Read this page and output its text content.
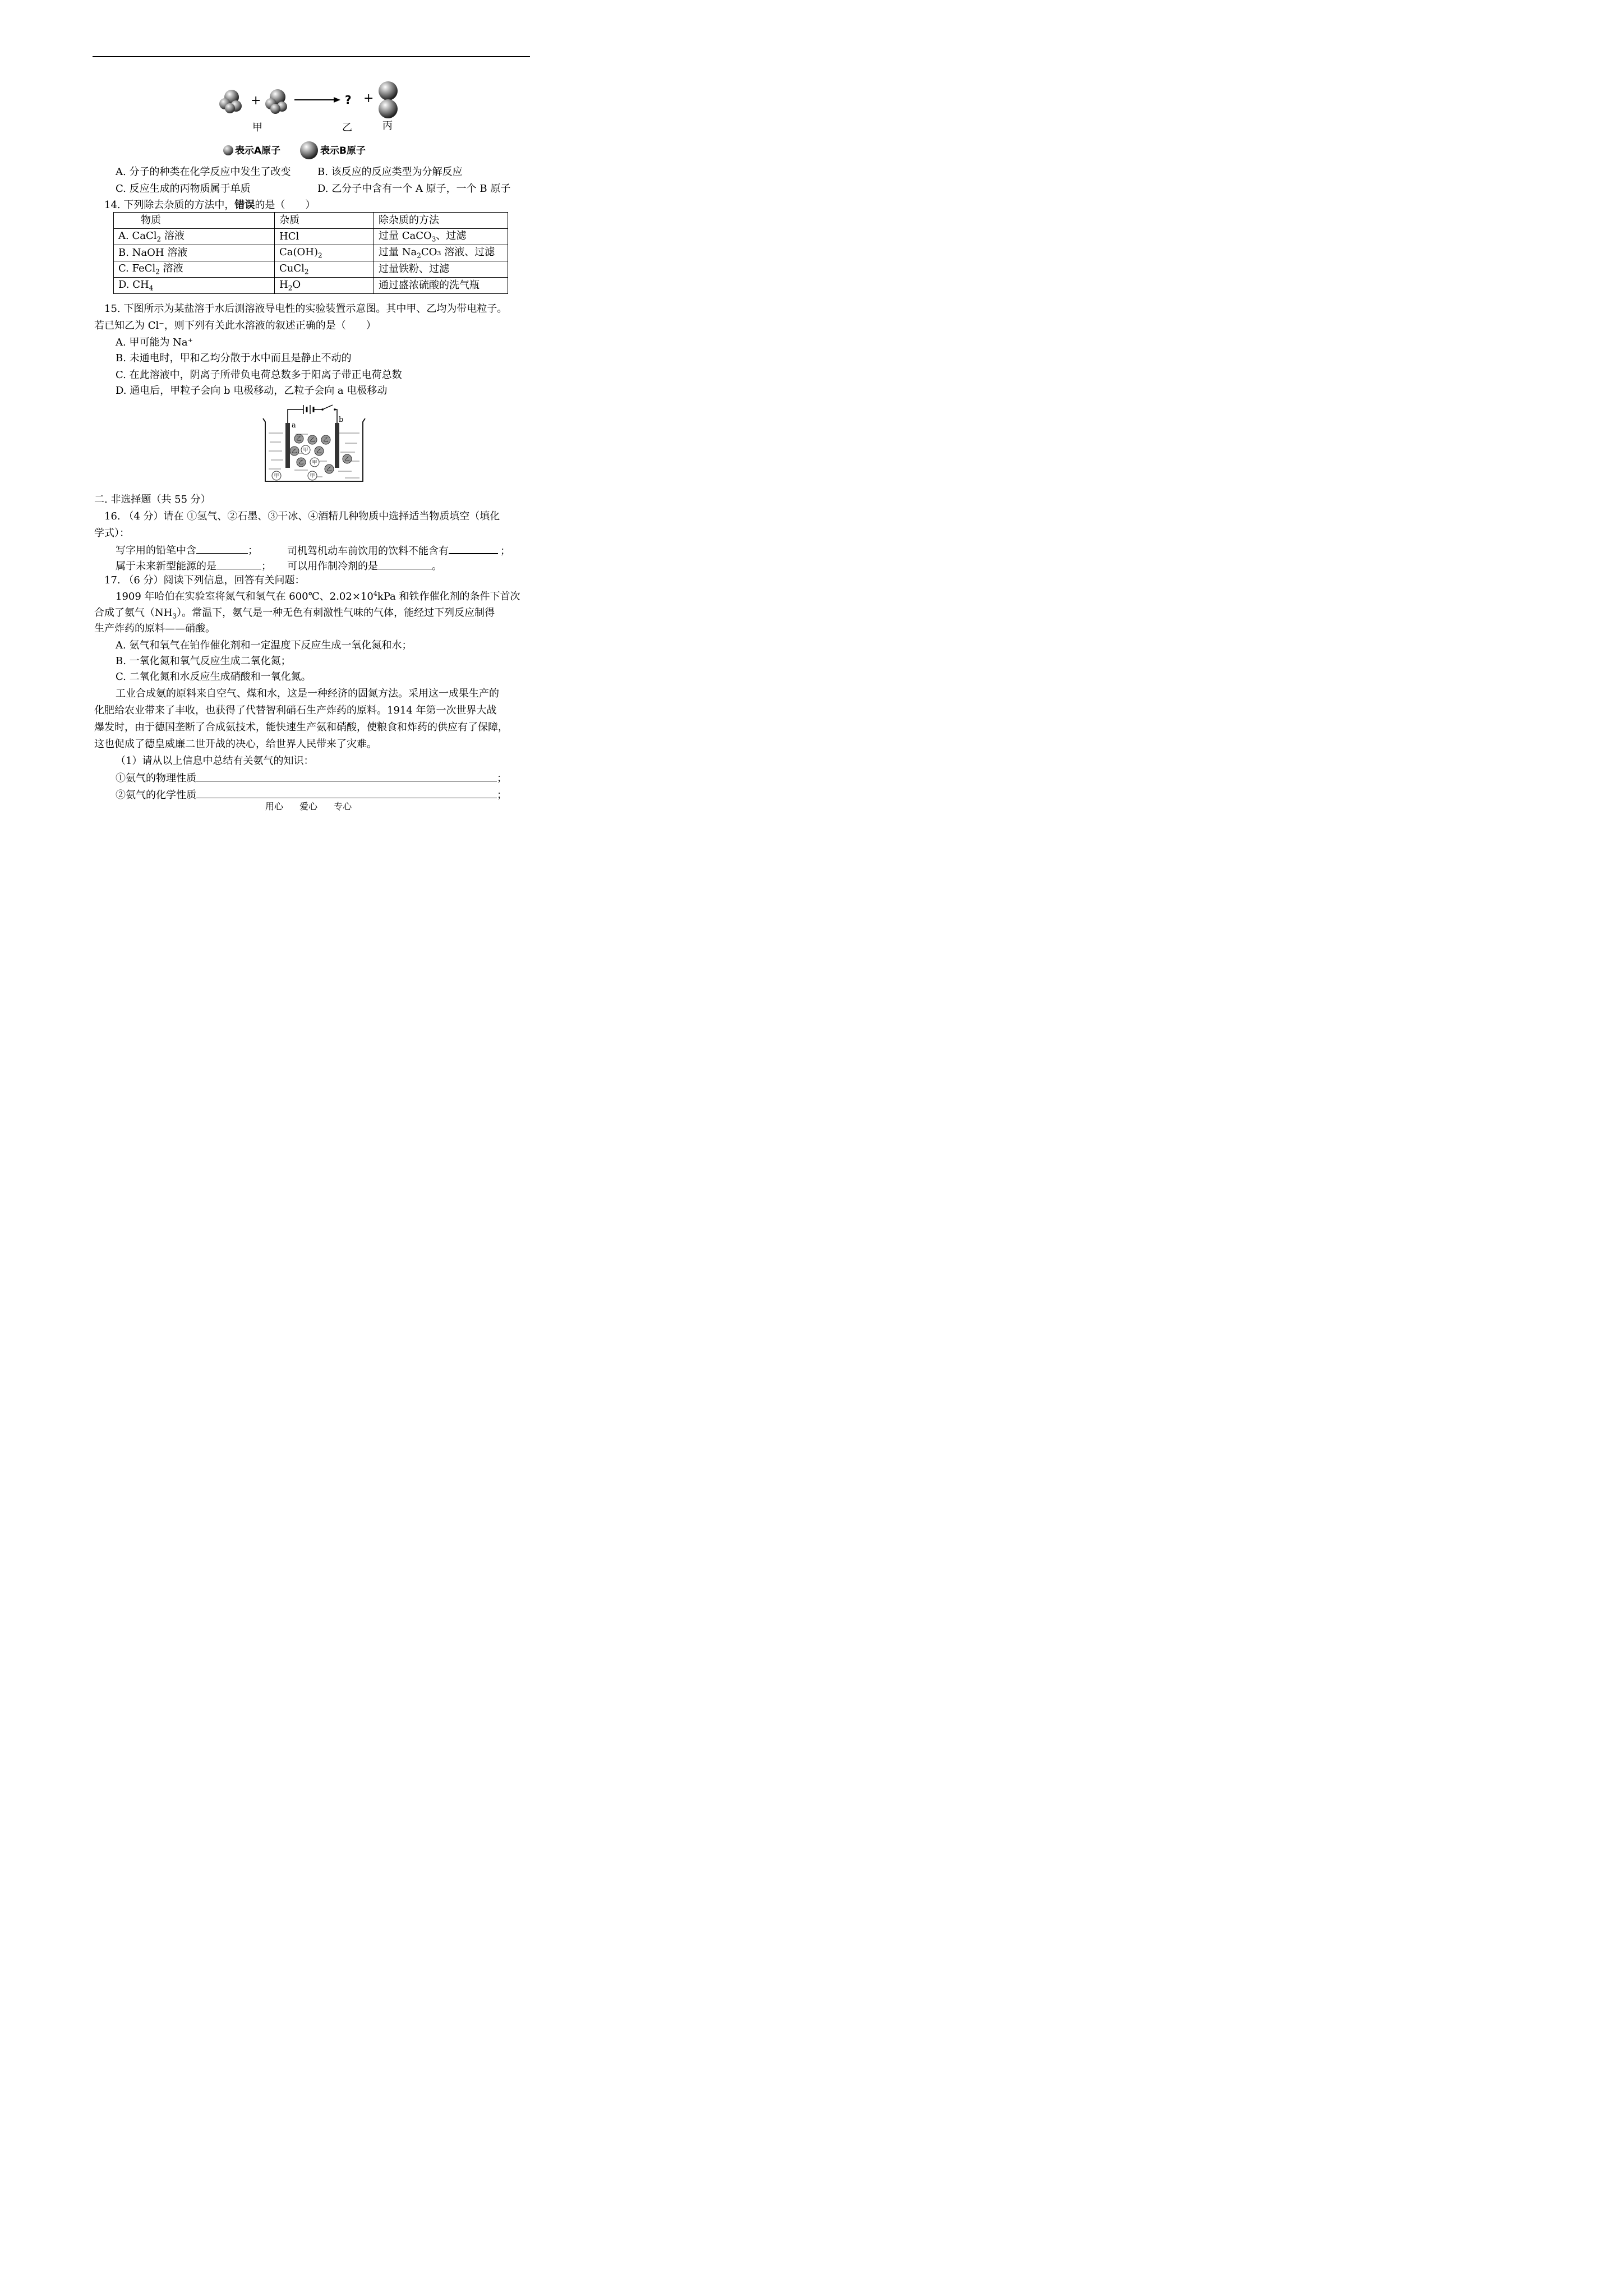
+	? +
甲	乙	丙
表示A原子	表示B原子
A. 分子的种类在化学反应中发生了改变	B. 该反应的反应类型为分解反应
C. 反应生成的丙物质属于单质	D. 乙分子中含有一个 A 原子，一个 B 原子
14. 下列除去杂质的方法中，错误的是（　　）
物质	杂质	除杂质的方法
A. CaCl$_2$ 溶液	HCl	过量 CaCO$_3$、过滤
B. NaOH 溶液	$Ca(OH)_2$	过量 $Na_2CO_3$ 溶液、过滤
C. FeCl$_2$ 溶液	CuCl$_2$	过量铁粉、过滤
D. $CH_4$	$H_2O$	通过盛浓硫酸的洗气瓶
15. 下图所示为某盐溶于水后测溶液导电性的实验装置示意图。其中甲、乙均为带电粒子。
若已知乙为 Cl⁻，则下列有关此水溶液的叙述正确的是（　　）
A. 甲可能为 Na⁺
B. 未通电时，甲和乙均分散于水中而且是静止不动的
C. 在此溶液中，阴离子所带负电荷总数多于阳离子带正电荷总数
D. 通电后，甲粒子会向 b 电极移动，乙粒子会向 a 电极移动
a
b
乙 乙 乙
乙	乙
乙
乙
乙
甲
甲
甲	甲
二. 非选择题（共 55 分）
16. （4 分）请在 ①氢气、②石墨、③干冰、④酒精几种物质中选择适当物质填空（填化
学式）：
写字用的铅笔中含	；	司机驾机动车前饮用的饮料不能含有	；
属于未来新型能源的是	； 可以用作制冷剂的是	。
17. （6 分）阅读下列信息，回答有关问题：
1909 年哈伯在实验室将氮气和氢气在 600℃、$2.02\times 10^4kPa$ 和铁作催化剂的条件下首次
合成了氨气$(NH_3)$。常温下，氨气是一种无色有刺激性气味的气体，能经过下列反应制得
生产炸药的原料——硝酸。
A. 氨气和氧气在铂作催化剂和一定温度下反应生成一氧化氮和水；
B. 一氧化氮和氧气反应生成二氧化氮；
C. 二氧化氮和水反应生成硝酸和一氧化氮。
工业合成氨的原料来自空气、煤和水，这是一种经济的固氮方法。采用这一成果生产的
化肥给农业带来了丰收，也获得了代替智利硝石生产炸药的原料。1914 年第一次世界大战
爆发时，由于德国垄断了合成氨技术，能快速生产氨和硝酸，使粮食和炸药的供应有了保障，
这也促成了德皇威廉二世开战的决心，给世界人民带来了灾难。
（1）请从以上信息中总结有关氨气的知识：
①氨气的物理性质	；
②氨气的化学性质	；
用心 爱心 专心
